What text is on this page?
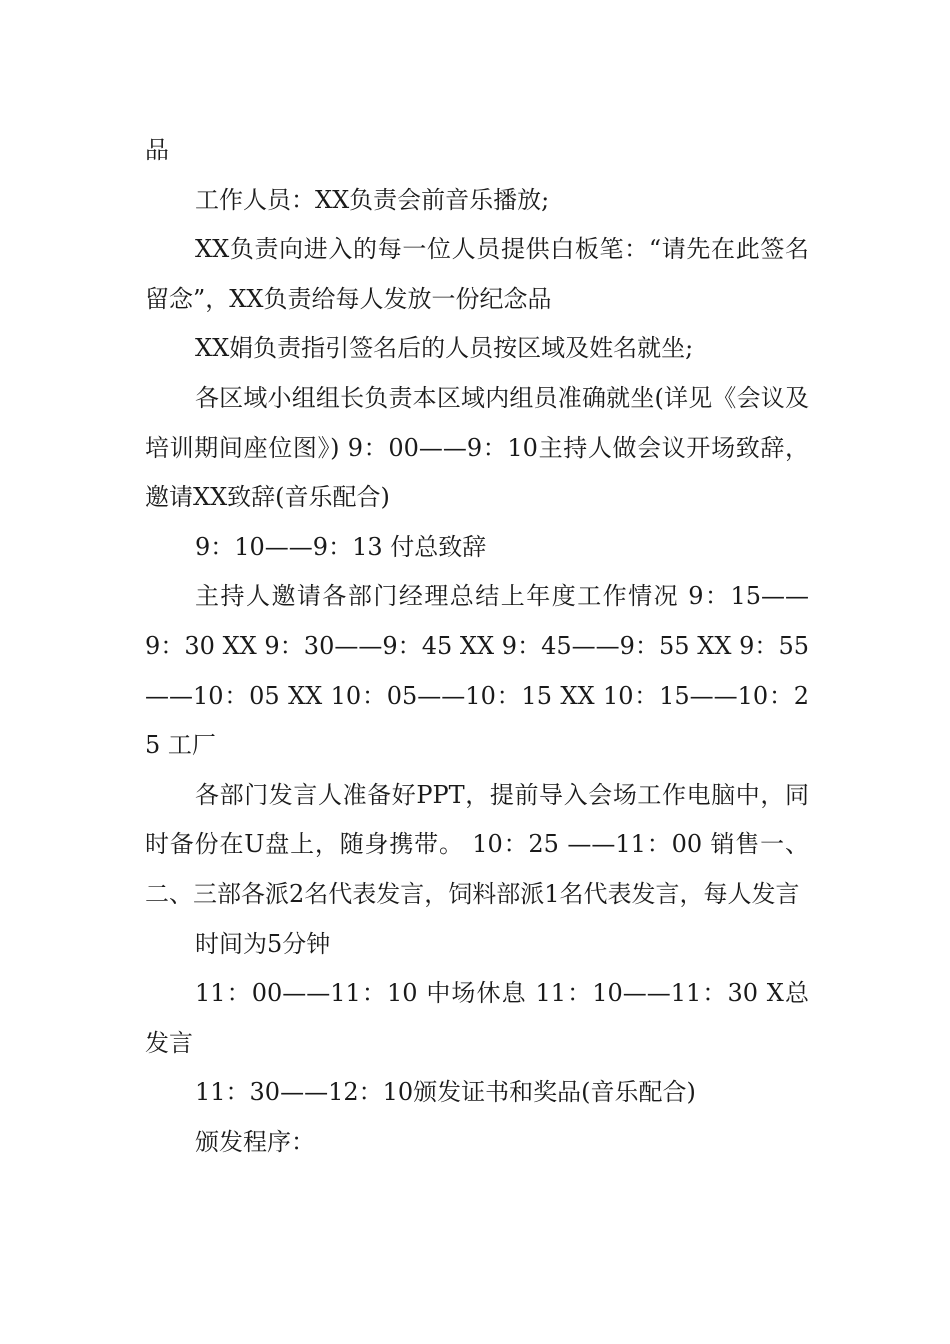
品

工作人员：XX负责会前音乐播放;

XX负责向进入的每一位人员提供白板笔：“请先在此签名留念”，XX负责给每人发放一份纪念品

XX娟负责指引签名后的人员按区域及姓名就坐;

各区域小组组长负责本区域内组员准确就坐(详见《会议及培训期间座位图》) 9：00——9：10主持人做会议开场致辞，邀请XX致辞(音乐配合)

9：10——9：13 付总致辞

主持人邀请各部门经理总结上年度工作情况 9：15——9：30 XX 9：30——9：45 XX 9：45——9：55 XX 9：55——10：05 XX 10：05——10：15 XX 10：15——10：25 工厂

各部门发言人准备好PPT，提前导入会场工作电脑中，同时备份在U盘上，随身携带。 10：25 ——11：00 销售一、二、三部各派2名代表发言，饲料部派1名代表发言，每人发言

时间为5分钟

11：00——11：10 中场休息 11：10——11：30 X总发言

11：30——12：10颁发证书和奖品(音乐配合)

颁发程序：
